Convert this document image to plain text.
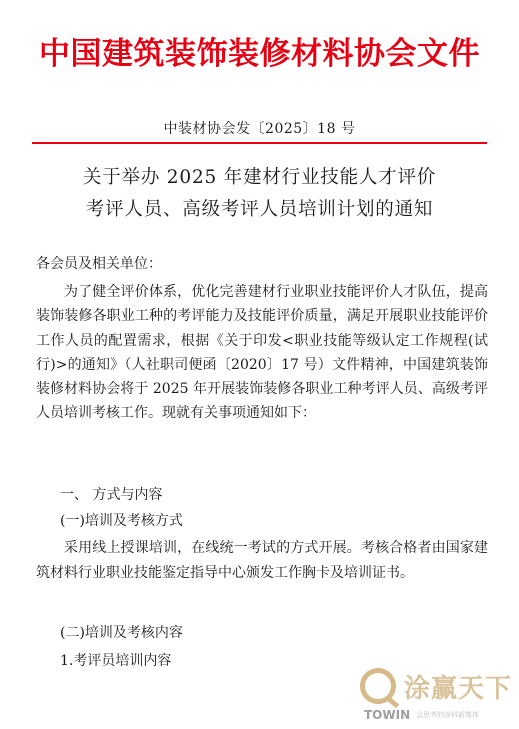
中国建筑装饰装修材料协会文件
中装材协会发〔2025〕18 号
关于举办 2025 年建材行业技能人才评价
考评人员、高级考评人员培训计划的通知
各会员及相关单位：
为了健全评价体系，优化完善建材行业职业技能评价人才队伍，提高装饰装修各职业工种的考评能力及技能评价质量，满足开展职业技能评价工作人员的配置需求，根据《关于印发<职业技能等级认定工作规程(试行)>的通知》（人社职司便函〔2020〕17 号）文件精神，中国建筑装饰装修材料协会将于 2025 年开展装饰装修各职业工种考评人员、高级考评人员培训考核工作。现就有关事项通知如下：
一、 方式与内容
(一)培训及考核方式
采用线上授课培训，在线统一考试的方式开展。考核合格者由国家建筑材料行业职业技能鉴定指导中心颁发工作胸卡及培训证书。
(二)培训及考核内容
1.考评员培训内容
涂赢天下
TOWIN 会思考的涂料新媒体
